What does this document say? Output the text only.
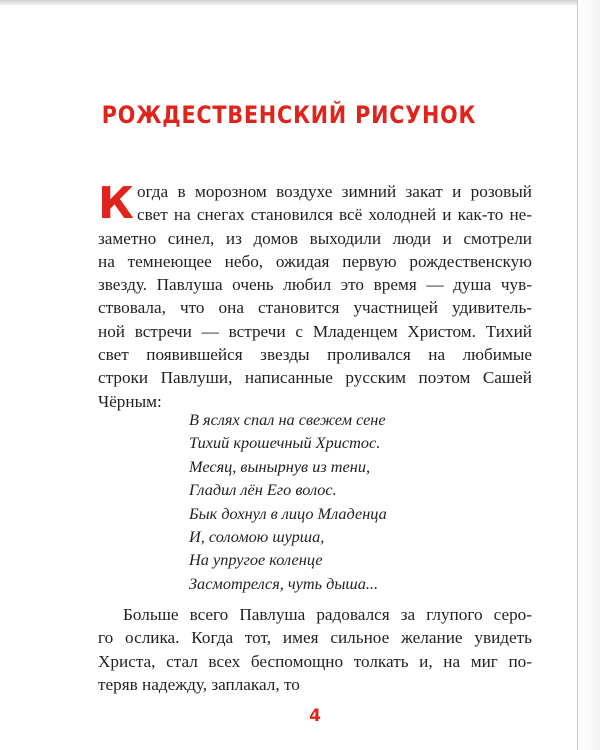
РОЖДЕСТВЕНСКИЙ РИСУНОК
К огда в морозном воздухе зимний закат и розовый
свет на снегах становился всё холодней и как-то не-
заметно синел, из домов выходили люди и смотрели
на темнеющее небо, ожидая первую рождественскую
звезду. Павлуша очень любил это время — душа чув-
ствовала, что она становится участницей удивитель-
ной встречи — встречи с Младенцем Христом. Тихий
свет появившейся звезды проливался на любимые
строки Павлуши, написанные русским поэтом Сашей
Чёрным:
В яслях спал на свежем сене
Тихий крошечный Христос.
Месяц, вынырнув из тени,
Гладил лён Его волос.
Бык дохнул в лицо Младенца
И, соломою шурша,
На упругое коленце
Засмотрелся, чуть дыша...
Больше всего Павлуша радовался за глупого серо-
го ослика. Когда тот, имея сильное желание увидеть
Христа, стал всех беспомощно толкать и, на миг по-
теряв надежду, заплакал, то
4
